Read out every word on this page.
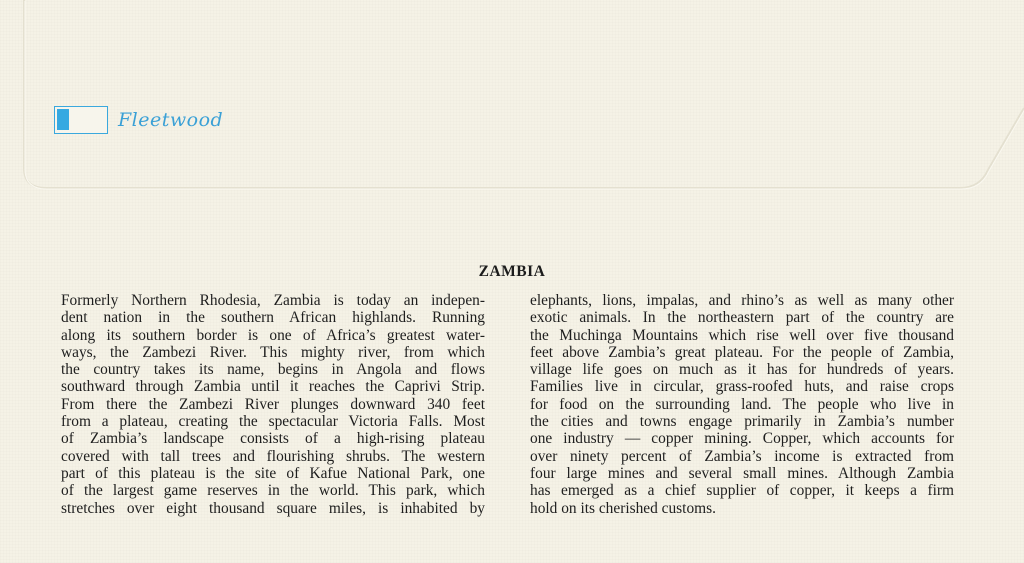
Fleetwood
ZAMBIA
Formerly Northern Rhodesia, Zambia is today an indepen-
dent nation in the southern African highlands. Running
along its southern border is one of Africa’s greatest water-
ways, the Zambezi River. This mighty river, from which
the country takes its name, begins in Angola and flows
southward through Zambia until it reaches the Caprivi Strip.
From there the Zambezi River plunges downward 340 feet
from a plateau, creating the spectacular Victoria Falls. Most
of Zambia’s landscape consists of a high-rising plateau
covered with tall trees and flourishing shrubs. The western
part of this plateau is the site of Kafue National Park, one
of the largest game reserves in the world. This park, which
stretches over eight thousand square miles, is inhabited by
elephants, lions, impalas, and rhino’s as well as many other
exotic animals. In the northeastern part of the country are
the Muchinga Mountains which rise well over five thousand
feet above Zambia’s great plateau. For the people of Zambia,
village life goes on much as it has for hundreds of years.
Families live in circular, grass-roofed huts, and raise crops
for food on the surrounding land. The people who live in
the cities and towns engage primarily in Zambia’s number
one industry — copper mining. Copper, which accounts for
over ninety percent of Zambia’s income is extracted from
four large mines and several small mines. Although Zambia
has emerged as a chief supplier of copper, it keeps a firm
hold on its cherished customs.
